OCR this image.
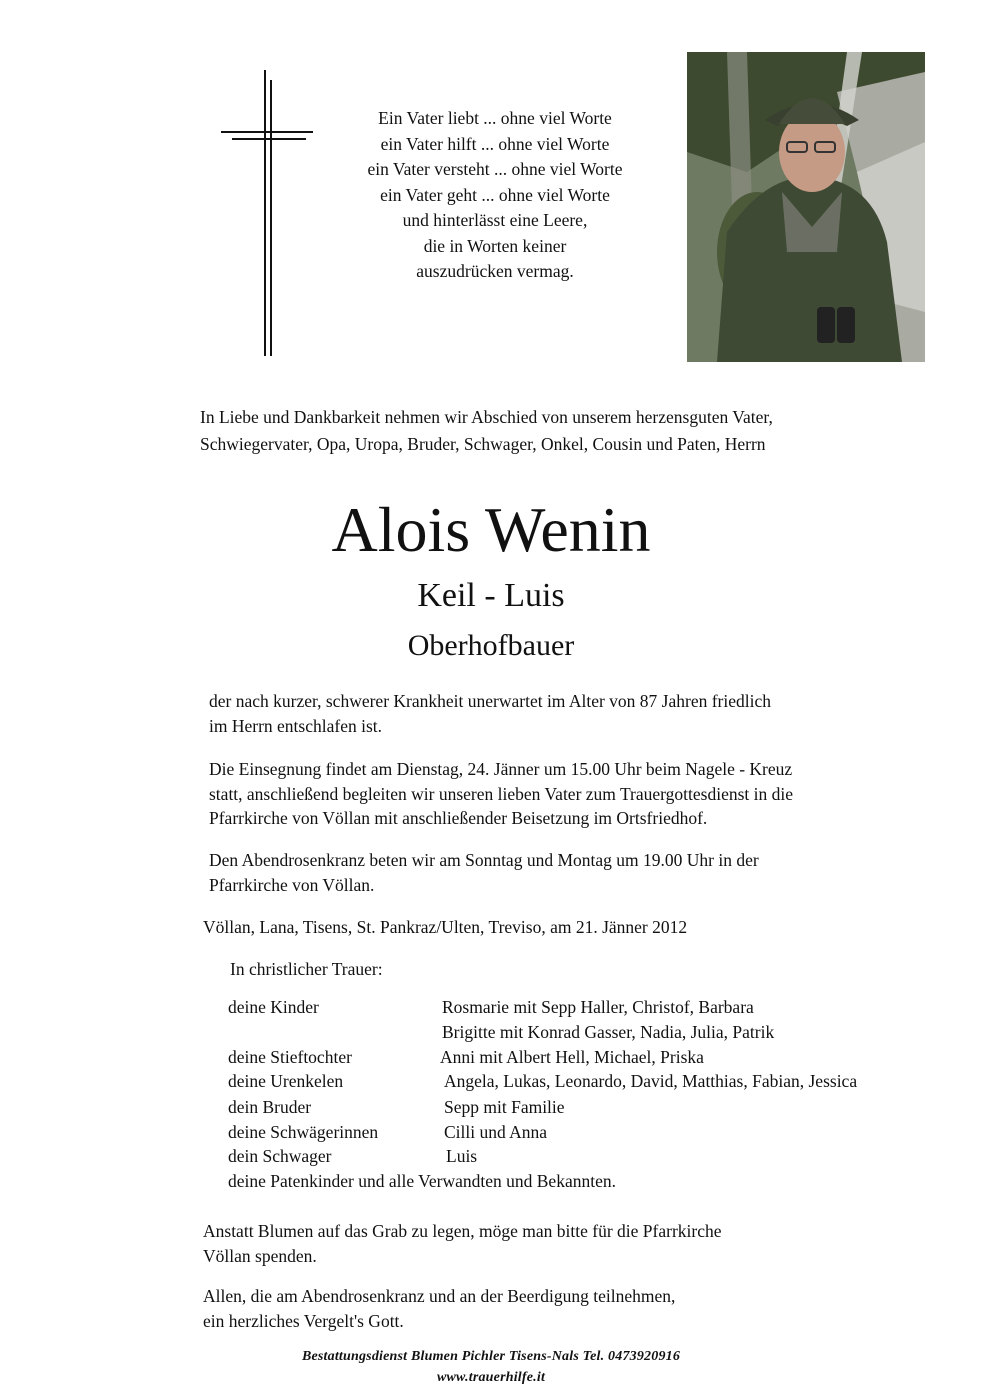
Ein Vater liebt ... ohne viel Worte
ein Vater hilft ... ohne viel Worte
ein Vater versteht ... ohne viel Worte
ein Vater geht ... ohne viel Worte
und hinterlässt eine Leere,
die in Worten keiner
auszudrücken vermag.
In Liebe und Dankbarkeit nehmen wir Abschied von unserem herzensguten Vater,
Schwiegervater, Opa, Uropa, Bruder, Schwager, Onkel, Cousin und Paten, Herrn
Alois Wenin
Keil - Luis
Oberhofbauer
der nach kurzer, schwerer Krankheit unerwartet im Alter von 87 Jahren friedlich
im Herrn entschlafen ist.
Die Einsegnung findet am Dienstag, 24. Jänner um 15.00 Uhr beim Nagele - Kreuz
statt, anschließend begleiten wir unseren lieben Vater zum Trauergottesdienst in die
Pfarrkirche von Völlan mit anschließender Beisetzung im Ortsfriedhof.
Den Abendrosenkranz beten wir am Sonntag und Montag um 19.00 Uhr in der
Pfarrkirche von Völlan.
Völlan, Lana, Tisens, St. Pankraz/Ulten, Treviso, am 21. Jänner 2012
In christlicher Trauer:
deine Kinder	Rosmarie mit Sepp Haller, Christof, Barbara
Brigitte mit Konrad Gasser, Nadia, Julia, Patrik
deine Stieftochter	Anni mit Albert Hell, Michael, Priska
deine Urenkelen	Angela, Lukas, Leonardo, David, Matthias, Fabian, Jessica
dein Bruder	Sepp mit Familie
deine Schwägerinnen	Cilli und Anna
dein Schwager	Luis
deine Patenkinder und alle Verwandten und Bekannten.
Anstatt Blumen auf das Grab zu legen, möge man bitte für die Pfarrkirche
Völlan spenden.
Allen, die am Abendrosenkranz und an der Beerdigung teilnehmen,
ein herzliches Vergelt's Gott.
Bestattungsdienst Blumen Pichler Tisens-Nals Tel. 0473920916
www.trauerhilfe.it
